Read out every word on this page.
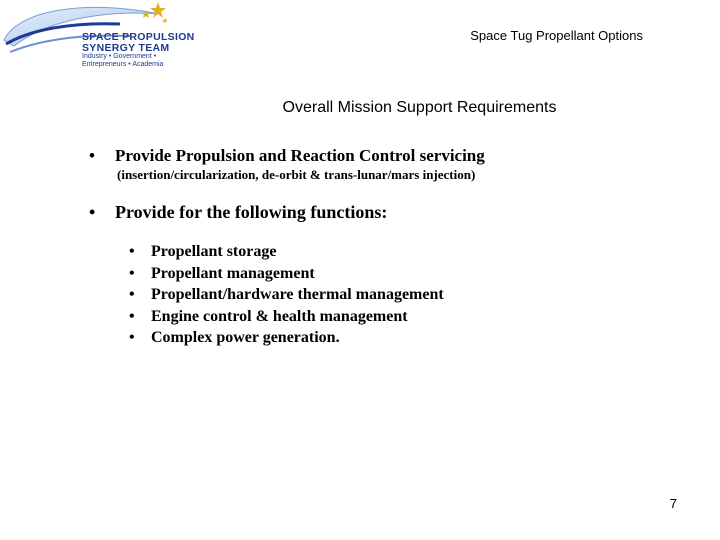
SPACE PROPULSION
SYNERGY TEAM
Industry • Government •
Entrepreneurs • Academia
Space Tug Propellant Options
Overall Mission Support Requirements
• Provide Propulsion and Reaction Control servicing
(insertion/circularization, de-orbit & trans-lunar/mars injection)
• Provide for the following functions:
• Propellant storage
• Propellant management
• Propellant/hardware thermal management
• Engine control & health management
• Complex power generation.
7
